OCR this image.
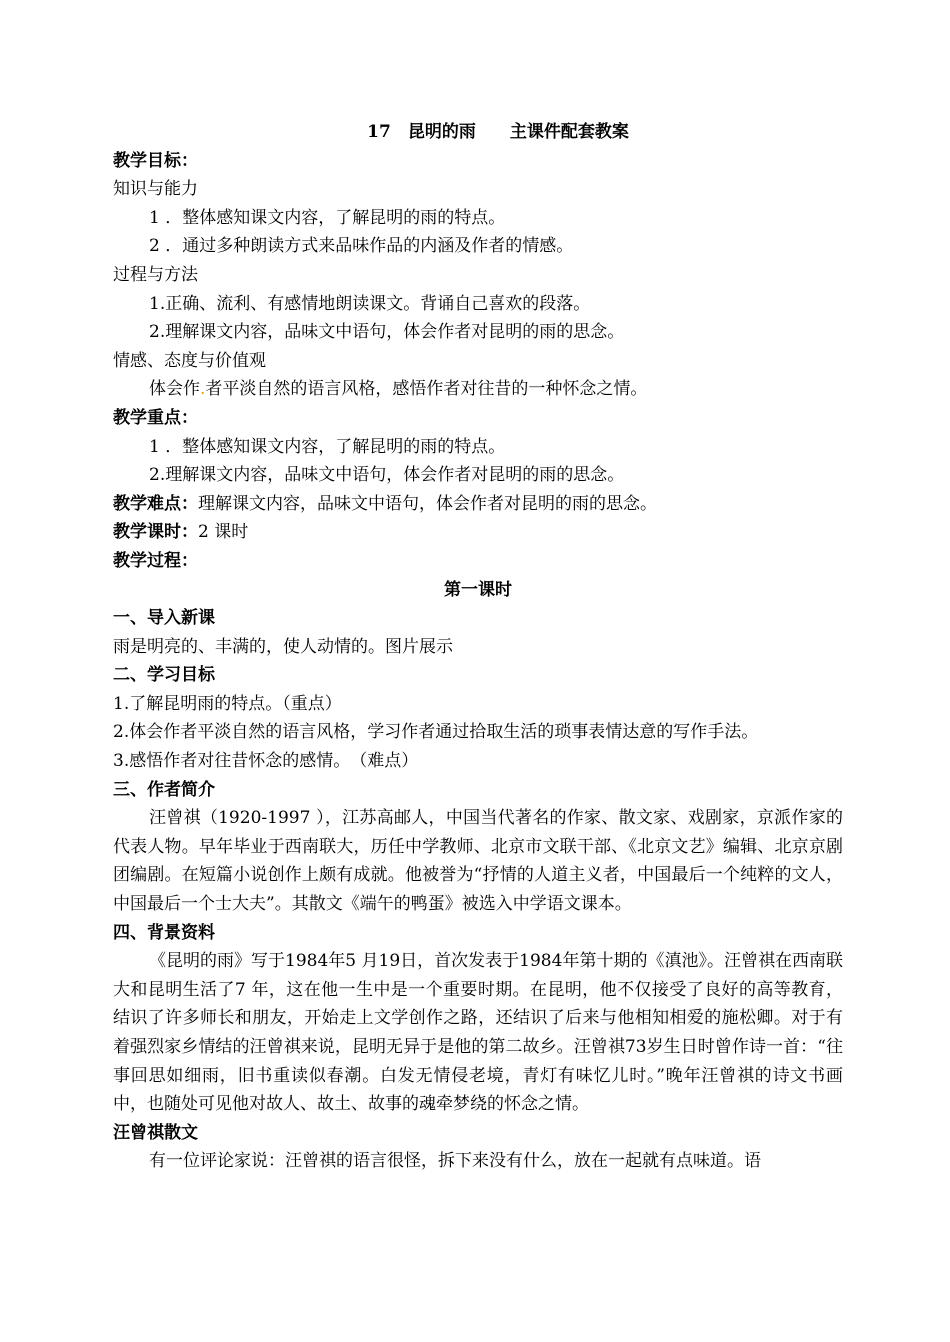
17　昆明的雨　　主课件配套教案
教学目标：
知识与能力
1 ．整体感知课文内容，了解昆明的雨的特点。
2 ．通过多种朗读方式来品味作品的内涵及作者的情感。
过程与方法
1.正确、流利、有感情地朗读课文。背诵自己喜欢的段落。
2.理解课文内容，品味文中语句，体会作者对昆明的雨的思念。
情感、态度与价值观
体会作.者平淡自然的语言风格，感悟作者对往昔的一种怀念之情。
教学重点：
1 ．整体感知课文内容，了解昆明的雨的特点。
2.理解课文内容，品味文中语句，体会作者对昆明的雨的思念。
教学难点：理解课文内容，品味文中语句，体会作者对昆明的雨的思念。
教学课时：2 课时
教学过程：
第一课时
一、导入新课
雨是明亮的、丰满的，使人动情的。图片展示
二、学习目标
1.了解昆明雨的特点。（重点）
2.体会作者平淡自然的语言风格，学习作者通过拾取生活的琐事表情达意的写作手法。
3.感悟作者对往昔怀念的感情。　（难点）
三、作者简介
汪曾祺（1920-1997 ），江苏高邮人，中国当代著名的作家、散文家、戏剧家，京派作家的代表人物。早年毕业于西南联大，历任中学教师、北京市文联干部、《北京文艺》编辑、北京京剧团编剧。在短篇小说创作上颇有成就。他被誉为“抒情的人道主义者，中国最后一个纯粹的文人，中国最后一个士大夫”。其散文《端午的鸭蛋》被选入中学语文课本。
四、背景资料
《昆明的雨》写于1984年5 月19日，首次发表于1984年第十期的《滇池》。汪曾祺在西南联大和昆明生活了7 年，这在他一生中是一个重要时期。在昆明，他不仅接受了良好的高等教育，结识了许多师长和朋友，开始走上文学创作之路，还结识了后来与他相知相爱的施松卿。对于有着强烈家乡情结的汪曾祺来说，昆明无异于是他的第二故乡。汪曾祺73岁生日时曾作诗一首：“往事回思如细雨，旧书重读似春潮。白发无情侵老境，青灯有味忆儿时。”晚年汪曾祺的诗文书画中，也随处可见他对故人、故土、故事的魂牵梦绕的怀念之情。
汪曾祺散文
有一位评论家说：汪曾祺的语言很怪，拆下来没有什么，放在一起就有点味道。语
